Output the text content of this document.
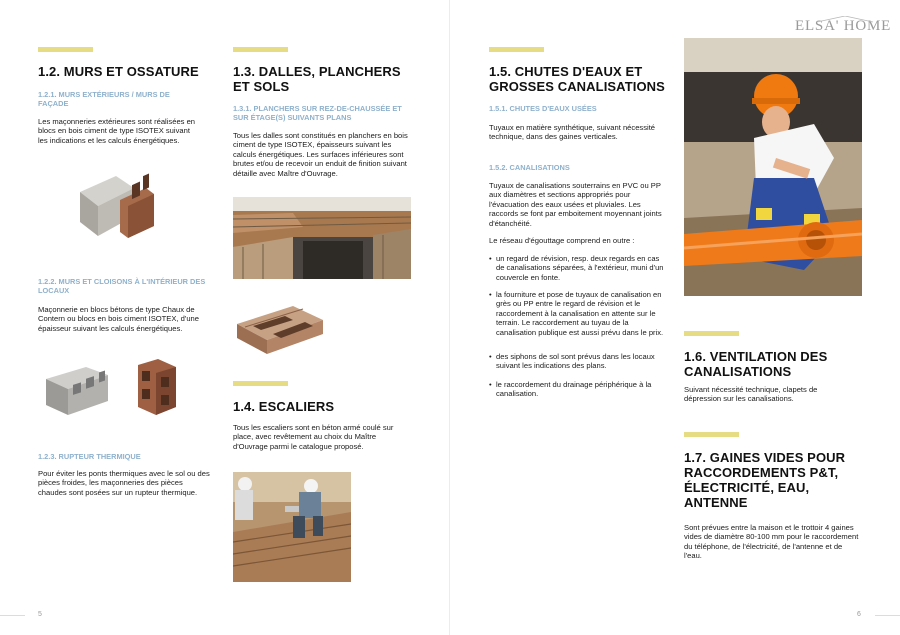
1.2. MURS ET OSSATURE
1.2.1. MURS EXTÉRIEURS / MURS DE FAÇADE
Les maçonneries extérieures sont réalisées en blocs en bois ciment de type ISOTEX suivant les indications et les calculs énergétiques.
1.2.2. MURS ET CLOISONS À L'INTÉRIEUR DES LOCAUX
Maçonnerie en blocs bétons de type Chaux de Contern ou blocs en bois ciment ISOTEX, d'une épaisseur suivant les calculs énergétiques.
1.2.3. RUPTEUR THERMIQUE
Pour éviter les ponts thermiques avec le sol ou des pièces froides, les maçonneries des pièces chaudes sont posées sur un rupteur thermique.
1.3. DALLES, PLANCHERS ET SOLS
1.3.1. PLANCHERS SUR REZ-DE-CHAUSSÉE ET SUR ÉTAGE(S) SUIVANTS PLANS
Tous les dalles sont constitués en planchers en bois ciment de type ISOTEX, épaisseurs suivant les calculs énergétiques. Les surfaces inférieures sont brutes et/ou de recevoir un enduit de finition suivant détaille avec Maître d'Ouvrage.
1.4. ESCALIERS
Tous les escaliers sont en béton armé coulé sur place, avec revêtement au choix du Maître d'Ouvrage parmi le catalogue proposé.
5
1.5. CHUTES D'EAUX ET GROSSES CANALISATIONS
1.5.1. CHUTES D'EAUX USÉES
Tuyaux en matière synthétique, suivant nécessité technique, dans des gaines verticales.
1.5.2. CANALISATIONS
Tuyaux de canalisations souterrains en PVC ou PP aux diamètres et sections appropriés pour l'évacuation des eaux usées et pluviales. Les raccords se font par emboitement moyennant joints d'étanchéité.
Le réseau d'égouttage comprend en outre :
• un regard de révision, resp. deux regards en cas de canalisations séparées, à l'extérieur, muni d'un couvercle en fonte.
• la fourniture et pose de tuyaux de canalisation en grès ou PP entre le regard de révision et le raccordement à la canalisation en attente sur le terrain. Le raccordement au tuyau de la canalisation publique est aussi prévu dans le prix.
• des siphons de sol sont prévus dans les locaux suivant les indications des plans.
• le raccordement du drainage périphérique à la canalisation.
ELSA' HOME
1.6. VENTILATION DES CANALISATIONS
Suivant nécessité technique, clapets de dépression sur les canalisations.
1.7. GAINES VIDES POUR RACCORDEMENTS P&T, ÉLECTRICITÉ, EAU, ANTENNE
Sont prévues entre la maison et le trottoir 4 gaines vides de diamètre 80-100 mm pour le raccordement du téléphone, de l'électricité, de l'antenne et de l'eau.
6
